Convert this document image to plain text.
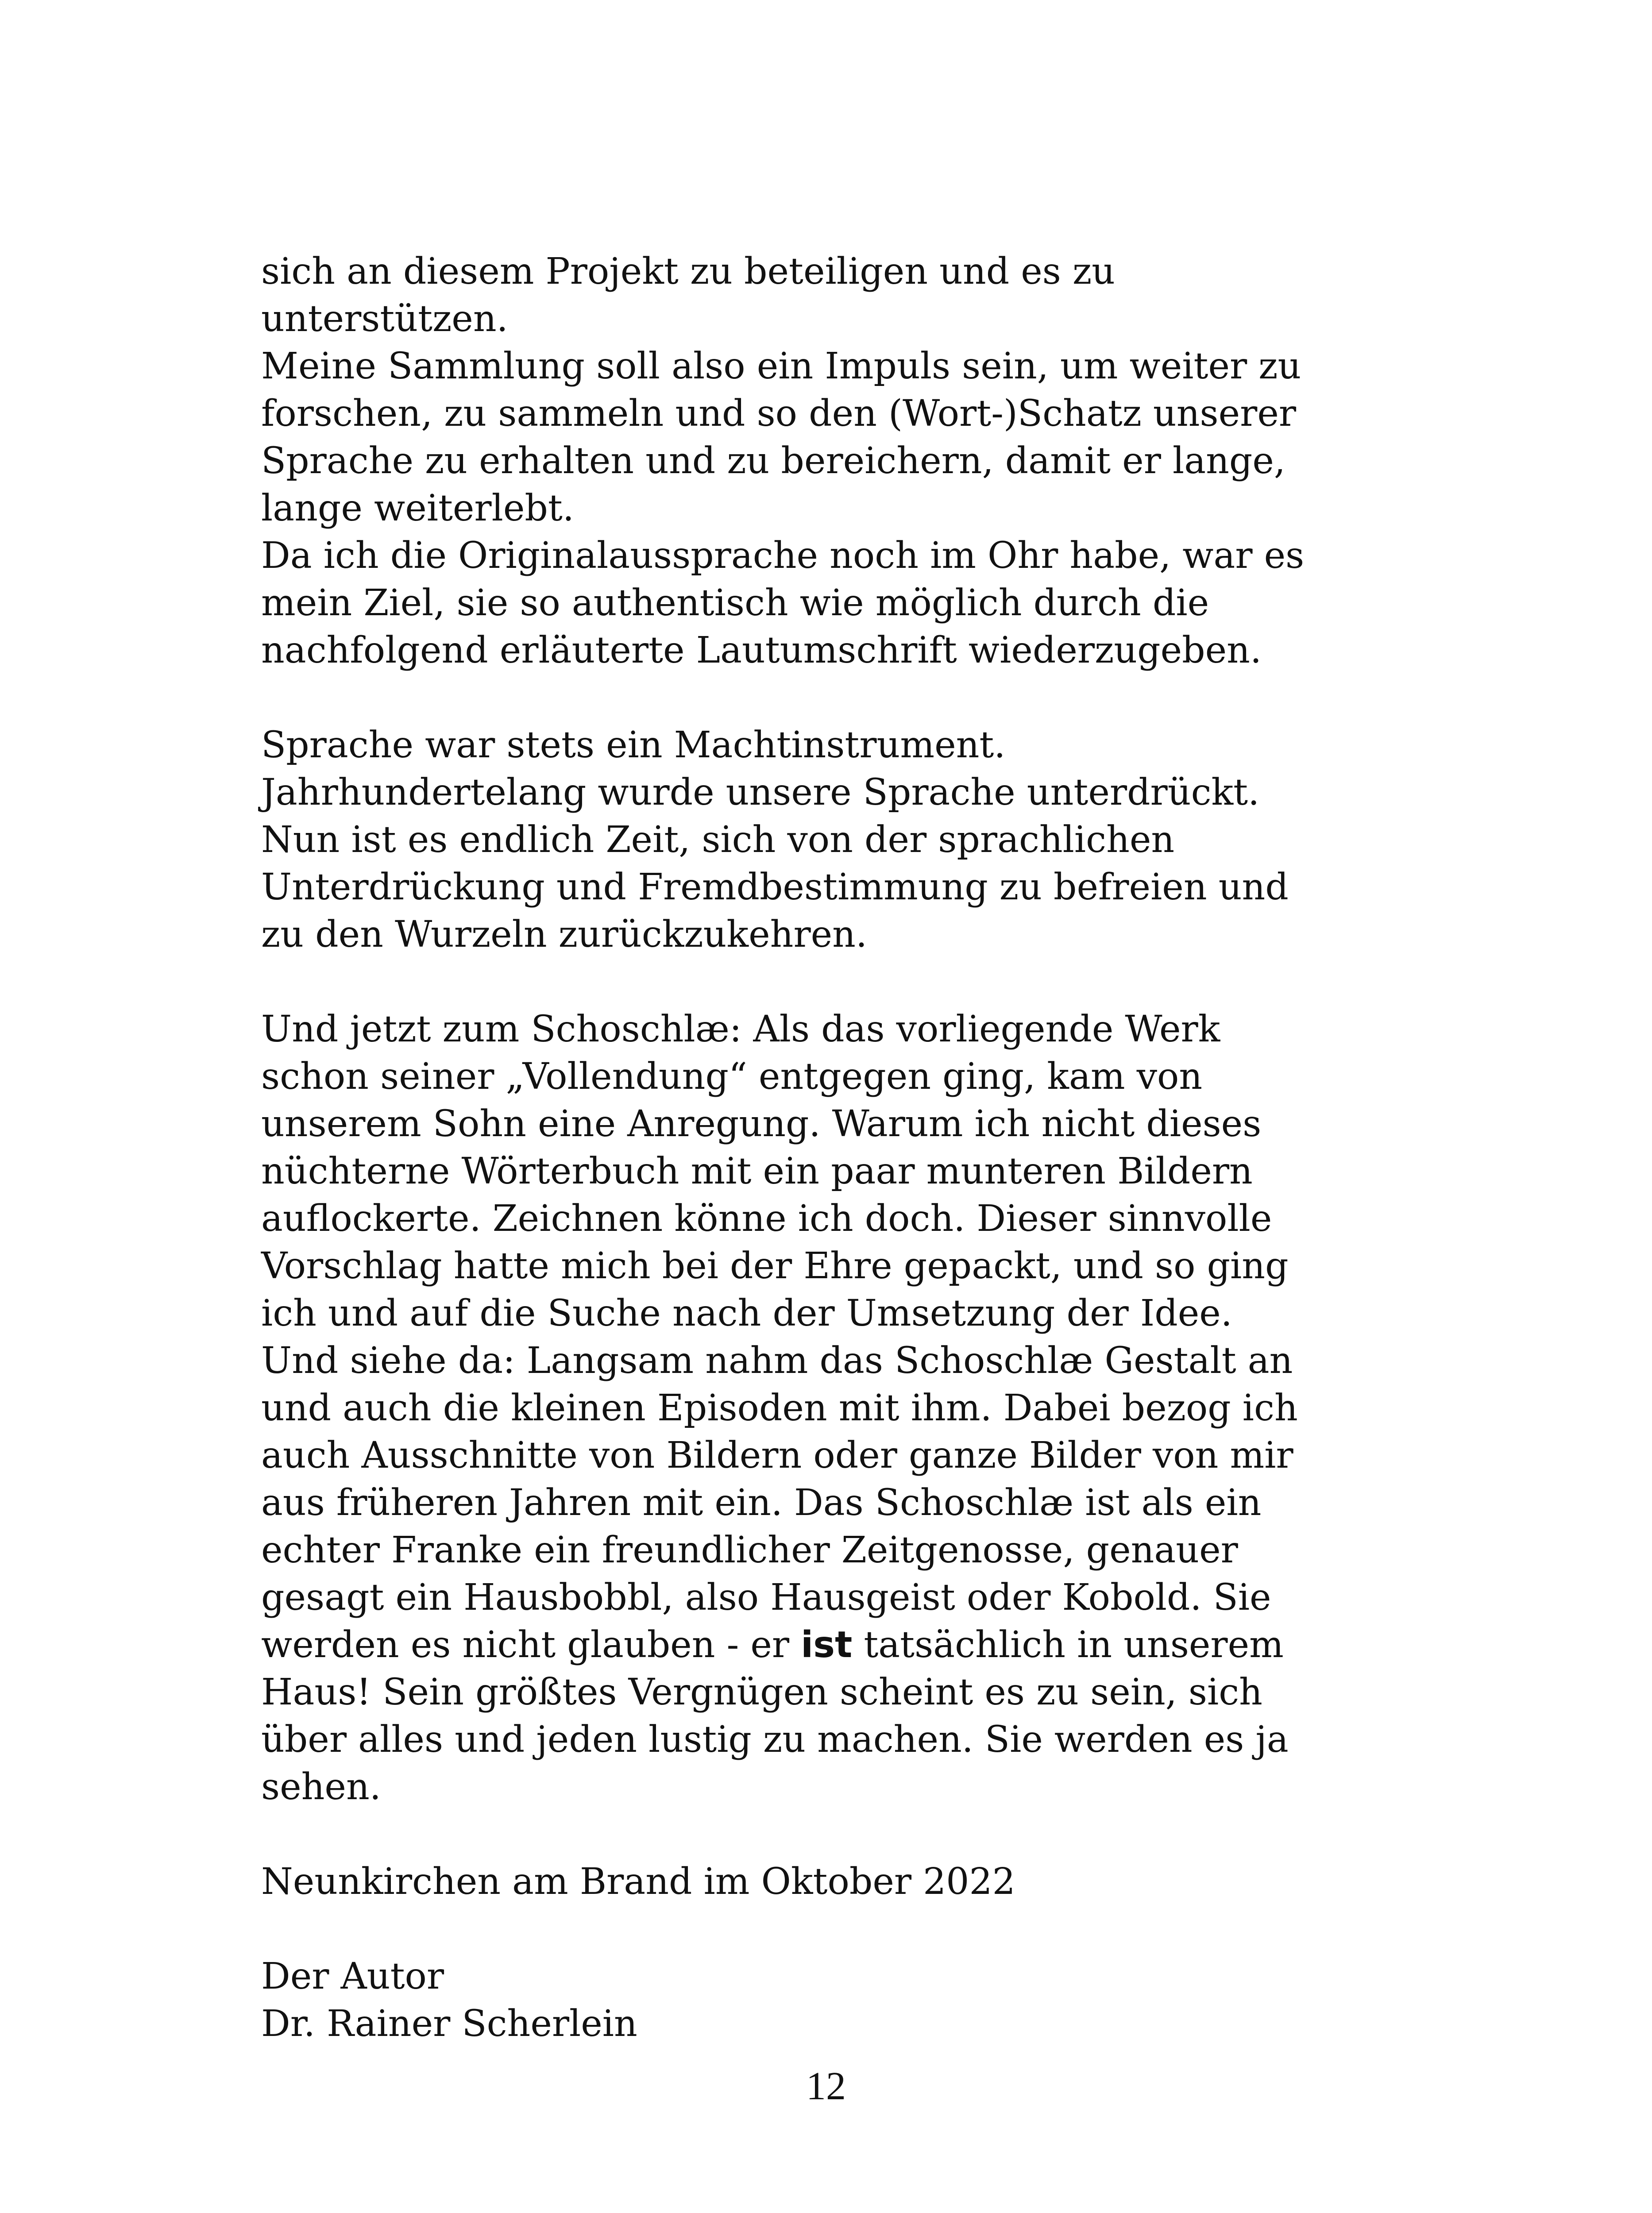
sich an diesem Projekt zu beteiligen und es zu
unterstützen.
Meine Sammlung soll also ein Impuls sein, um weiter zu
forschen, zu sammeln und so den (Wort-)Schatz unserer
Sprache zu erhalten und zu bereichern, damit er lange,
lange weiterlebt.
Da ich die Originalaussprache noch im Ohr habe, war es
mein Ziel, sie so authentisch wie möglich durch die
nachfolgend erläuterte Lautumschrift wiederzugeben.
Sprache war stets ein Machtinstrument.
Jahrhundertelang wurde unsere Sprache unterdrückt.
Nun ist es endlich Zeit, sich von der sprachlichen
Unterdrückung und Fremdbestimmung zu befreien und
zu den Wurzeln zurückzukehren.
Und jetzt zum Schoschlæ: Als das vorliegende Werk
schon seiner „Vollendung“ entgegen ging, kam von
unserem Sohn eine Anregung. Warum ich nicht dieses
nüchterne Wörterbuch mit ein paar munteren Bildern
auflockerte. Zeichnen könne ich doch. Dieser sinnvolle
Vorschlag hatte mich bei der Ehre gepackt, und so ging
ich und auf die Suche nach der Umsetzung der Idee.
Und siehe da: Langsam nahm das Schoschlæ Gestalt an
und auch die kleinen Episoden mit ihm. Dabei bezog ich
auch Ausschnitte von Bildern oder ganze Bilder von mir
aus früheren Jahren mit ein. Das Schoschlæ ist als ein
echter Franke ein freundlicher Zeitgenosse, genauer
gesagt ein Hausbobbl, also Hausgeist oder Kobold. Sie
werden es nicht glauben - er ist tatsächlich in unserem
Haus! Sein größtes Vergnügen scheint es zu sein, sich
über alles und jeden lustig zu machen. Sie werden es ja
sehen.
Neunkirchen am Brand im Oktober 2022
Der Autor
Dr. Rainer Scherlein
12
